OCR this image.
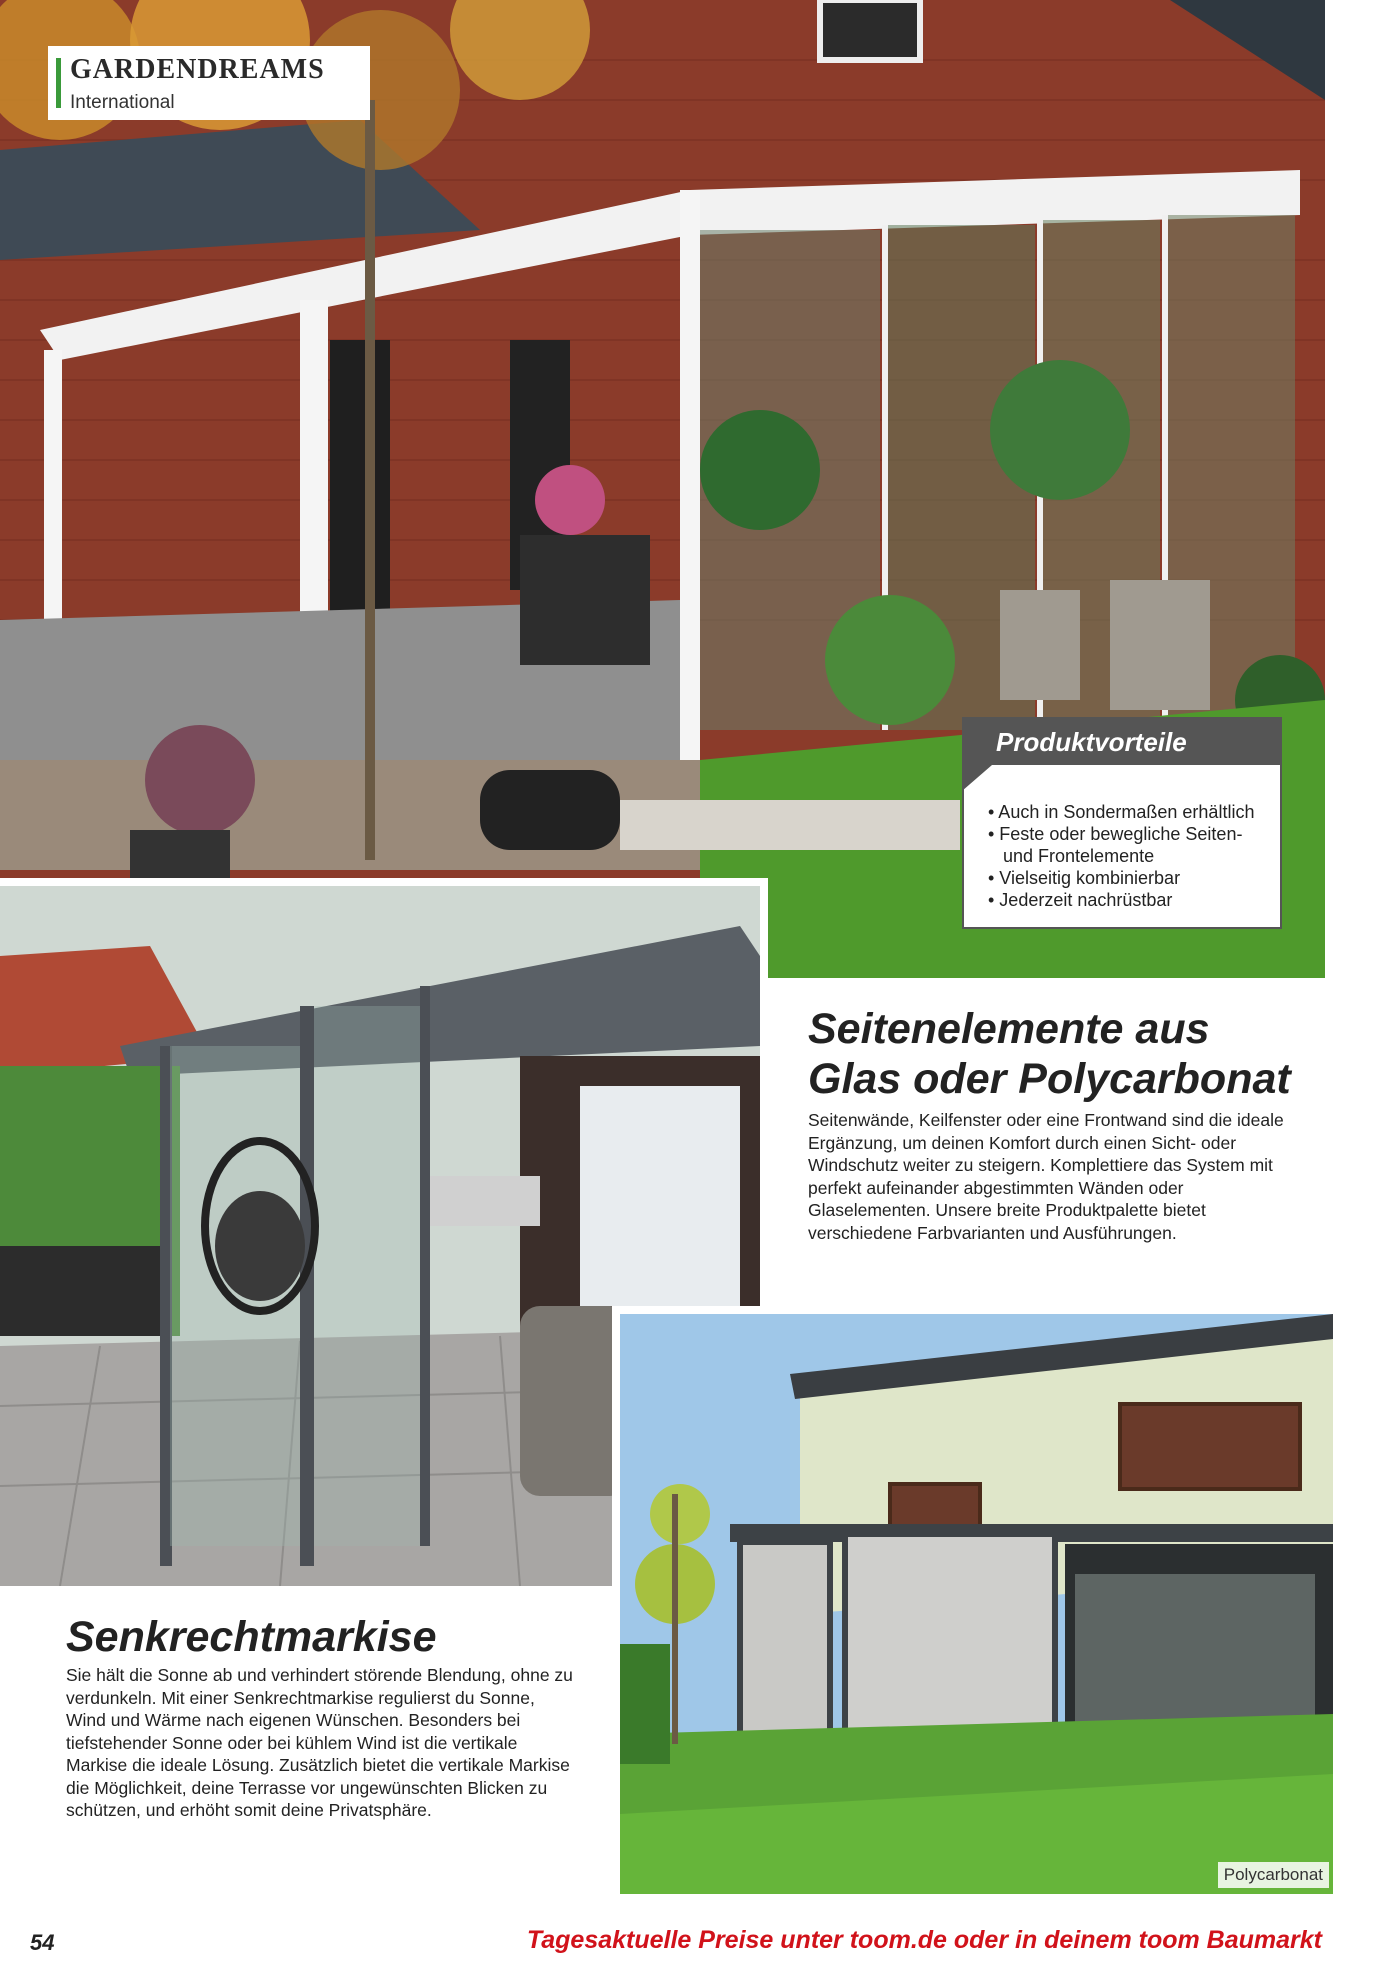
GARDENDREAMS
International
Produktvorteile
• Auch in Sondermaßen erhältlich
• Feste oder bewegliche Seiten-
und Frontelemente
• Vielseitig kombinierbar
• Jederzeit nachrüstbar
Seitenelemente aus
Glas oder Polycarbonat
Seitenwände, Keilfenster oder eine Frontwand sind die ideale Ergänzung, um deinen Komfort durch einen Sicht- oder Windschutz weiter zu steigern. Komplettiere das System mit perfekt aufeinander abgestimmten Wänden oder Glaselementen. Unsere breite Produktpalette bietet verschiedene Farbvarianten und Ausführungen.
Polycarbonat
Senkrechtmarkise
Sie hält die Sonne ab und verhindert störende Blendung, ohne zu verdunkeln. Mit einer Senkrechtmarkise regulierst du Sonne, Wind und Wärme nach eigenen Wünschen. Besonders bei tiefstehender Sonne oder bei kühlem Wind ist die vertikale Markise die ideale Lösung. Zusätzlich bietet die vertikale Markise die Möglichkeit, deine Terrasse vor ungewünschten Blicken zu schützen, und erhöht somit deine Privatsphäre.
54	Tagesaktuelle Preise unter toom.de oder in deinem toom Baumarkt
